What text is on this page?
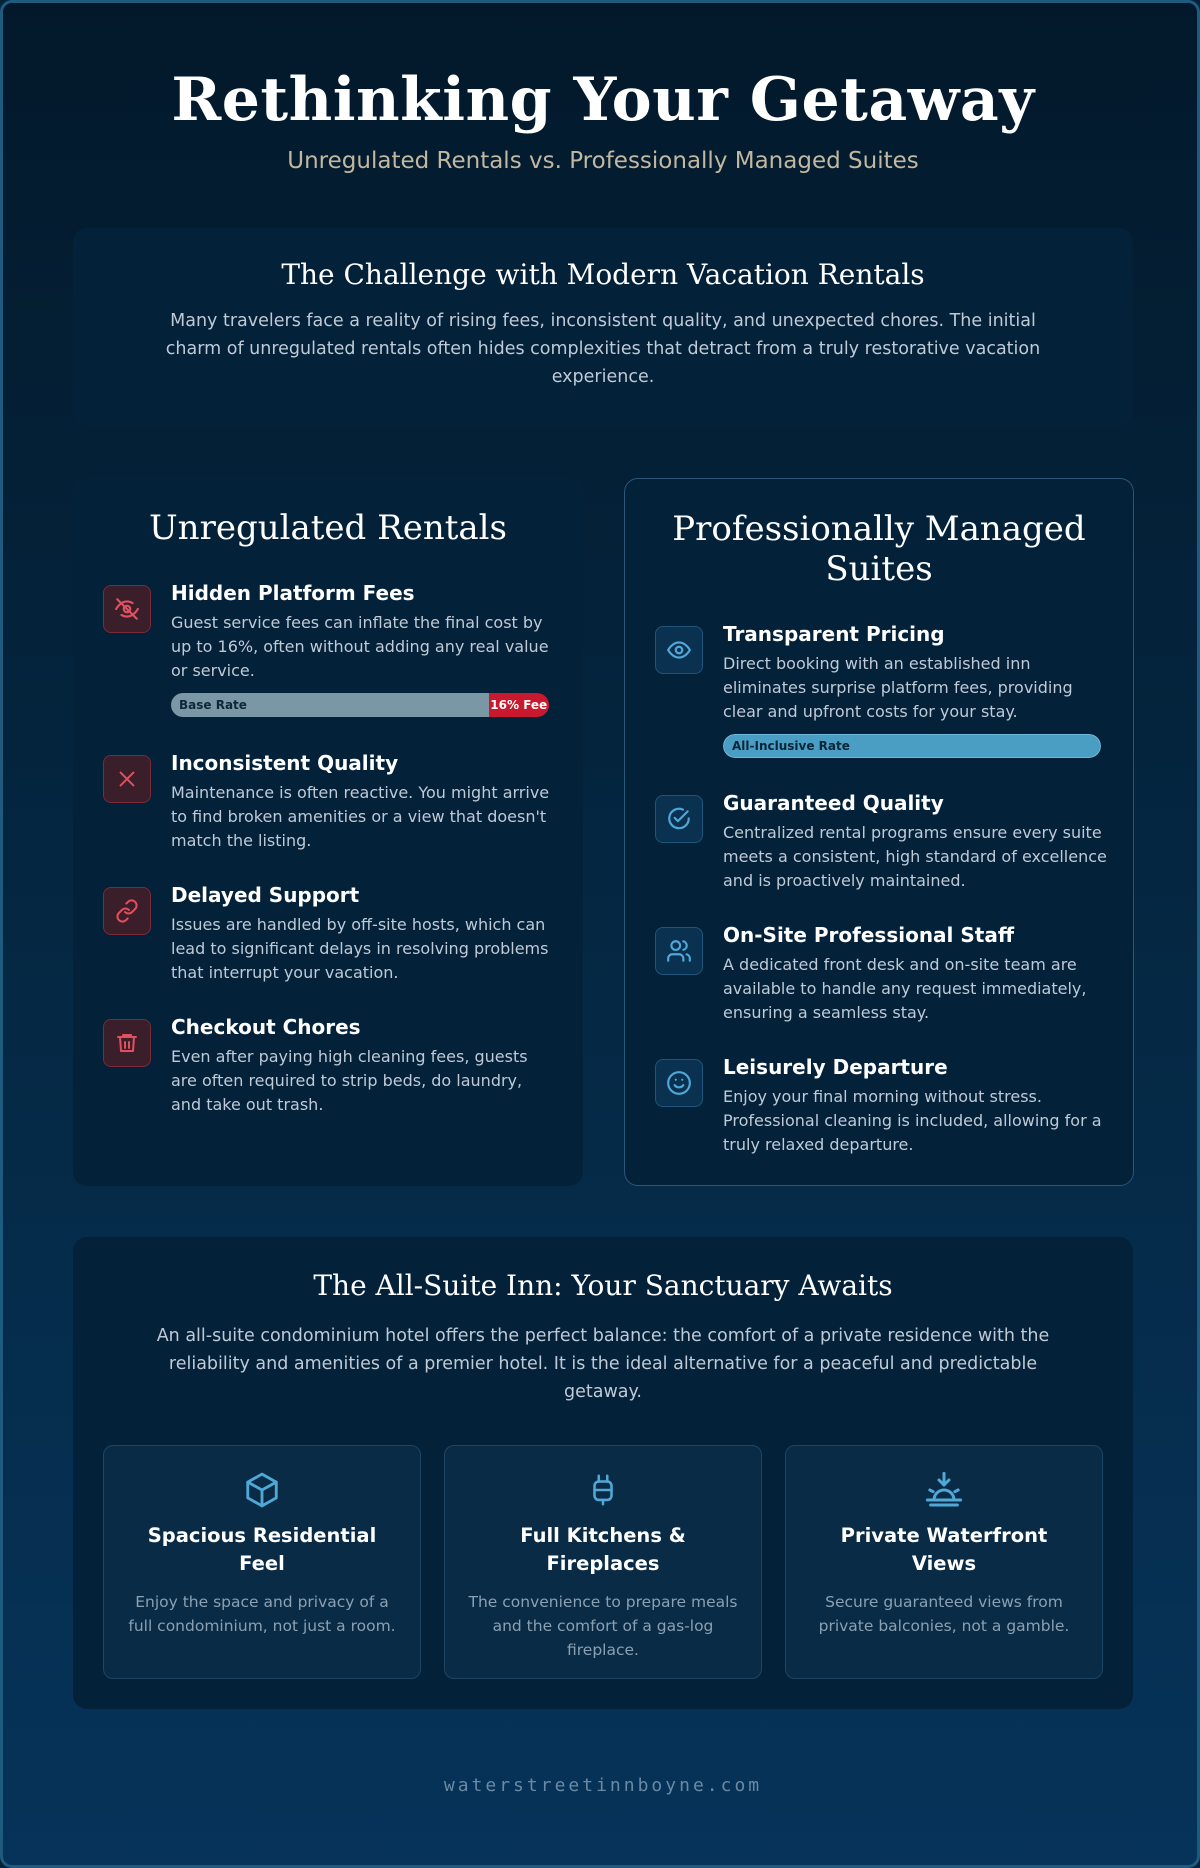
Rethinking Your Getaway
Unregulated Rentals vs. Professionally Managed Suites
The Challenge with Modern Vacation Rentals
Many travelers face a reality of rising fees, inconsistent quality, and unexpected chores. The initial charm of unregulated rentals often hides complexities that detract from a truly restorative vacation experience.
Unregulated Rentals
Hidden Platform Fees

Guest service fees can inflate the final cost by up to 16%, often without adding any real value or service.

Base Rate	16% Fee
Inconsistent Quality

Maintenance is often reactive. You might arrive to find broken amenities or a view that doesn't match the listing.

Delayed Support

Issues are handled by off-site hosts, which can lead to significant delays in resolving problems that interrupt your vacation.

Checkout Chores

Even after paying high cleaning fees, guests are often required to strip beds, do laundry, and take out trash.

Professionally Managed Suites
Transparent Pricing

Direct booking with an established inn eliminates surprise platform fees, providing clear and upfront costs for your stay.

All-Inclusive Rate
Guaranteed Quality

Centralized rental programs ensure every suite meets a consistent, high standard of excellence and is proactively maintained.

On-Site Professional Staff

A dedicated front desk and on-site team are available to handle any request immediately, ensuring a seamless stay.

Leisurely Departure

Enjoy your final morning without stress. Professional cleaning is included, allowing for a truly relaxed departure.

The All-Suite Inn: Your Sanctuary Awaits
An all-suite condominium hotel offers the perfect balance: the comfort of a private residence with the reliability and amenities of a premier hotel. It is the ideal alternative for a peaceful and predictable getaway.
Spacious Residential Feel

Enjoy the space and privacy of a full condominium, not just a room.

Full Kitchens & Fireplaces

The convenience to prepare meals and the comfort of a gas-log fireplace.

Private Waterfront Views

Secure guaranteed views from private balconies, not a gamble.

waterstreetinnboyne.com
